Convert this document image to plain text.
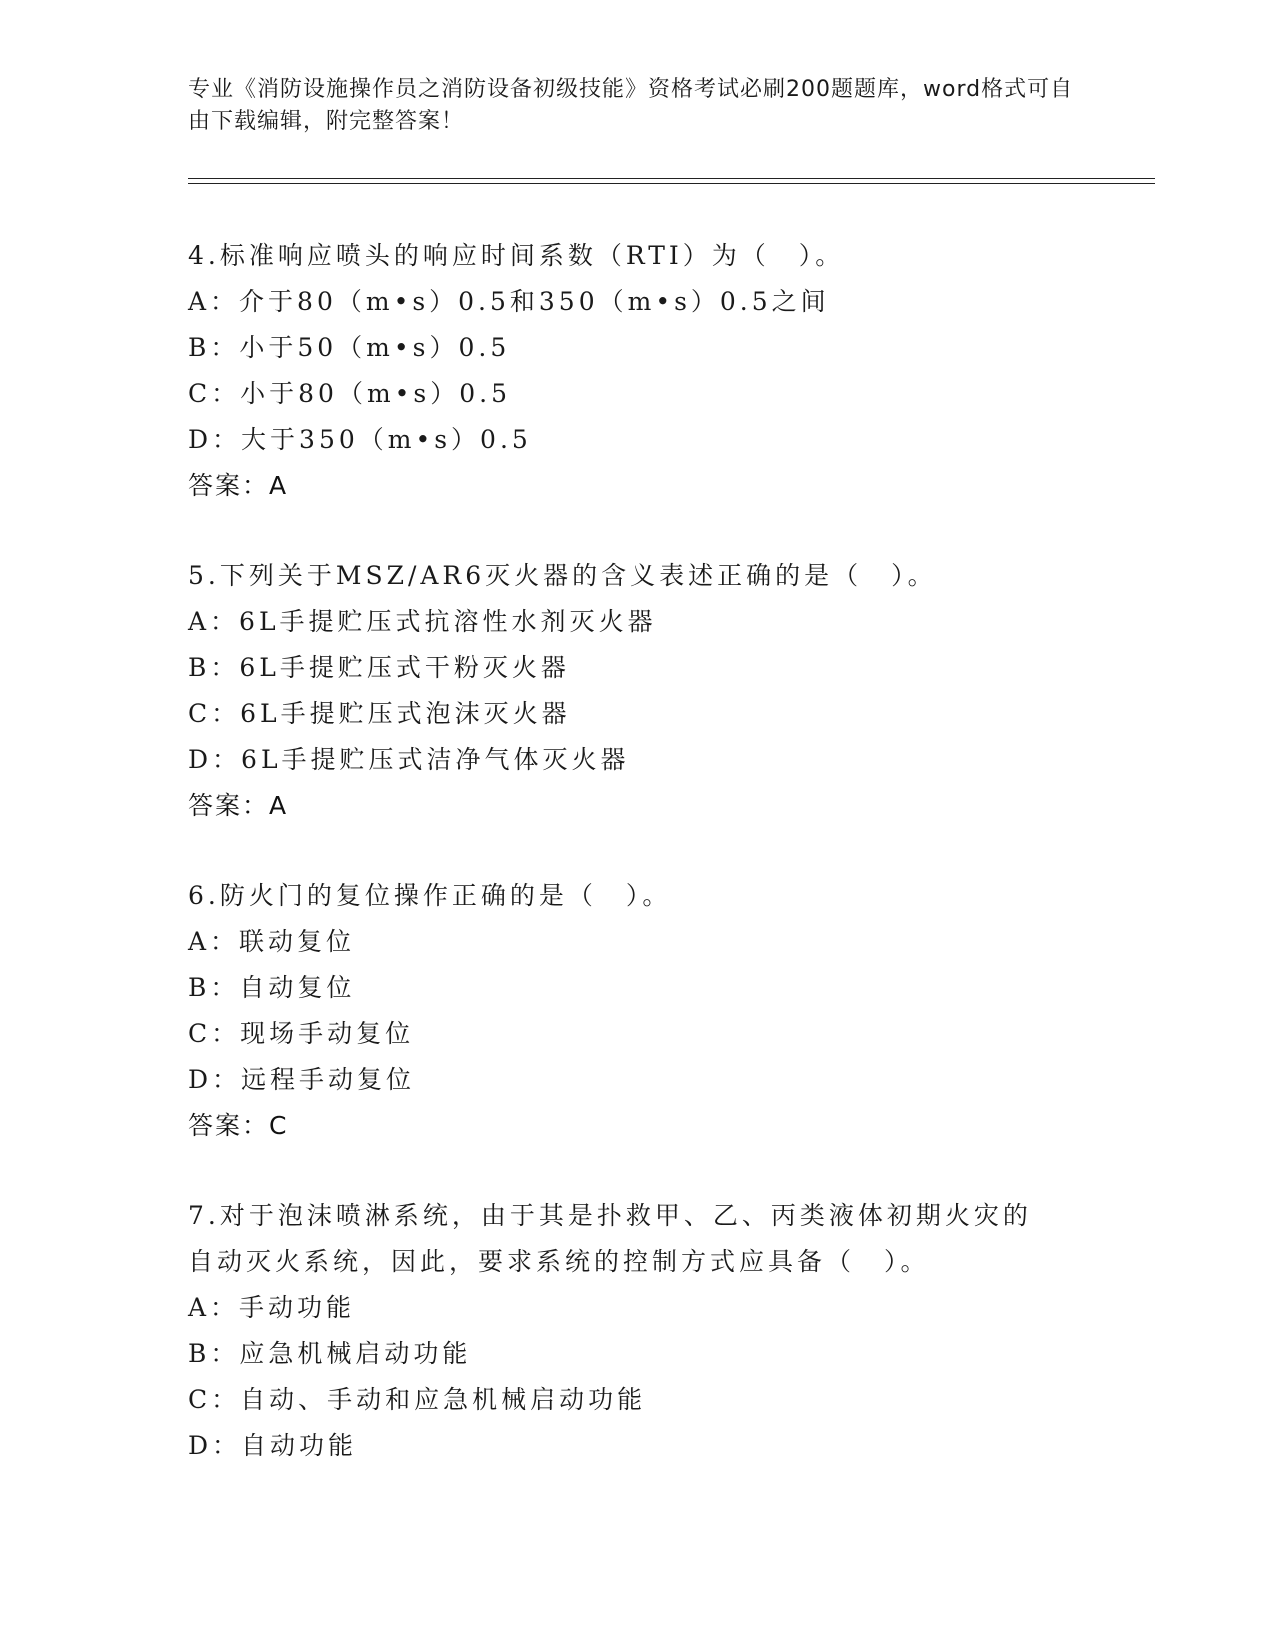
专业《消防设施操作员之消防设备初级技能》资格考试必刷200题题库，word格式可自由下载编辑，附完整答案！
4.标准响应喷头的响应时间系数（RTI）为（　）。
A：介于80（m•s）0.5和350（m•s）0.5之间
B：小于50（m•s）0.5
C：小于80（m•s）0.5
D：大于350（m•s）0.5
答案：A
5.下列关于MSZ/AR6灭火器的含义表述正确的是（　）。
A：6L手提贮压式抗溶性水剂灭火器
B：6L手提贮压式干粉灭火器
C：6L手提贮压式泡沫灭火器
D：6L手提贮压式洁净气体灭火器
答案：A
6.防火门的复位操作正确的是（　）。
A：联动复位
B：自动复位
C：现场手动复位
D：远程手动复位
答案：C
7.对于泡沫喷淋系统，由于其是扑救甲、乙、丙类液体初期火灾的自动灭火系统，因此，要求系统的控制方式应具备（　）。
A：手动功能
B：应急机械启动功能
C：自动、手动和应急机械启动功能
D：自动功能
